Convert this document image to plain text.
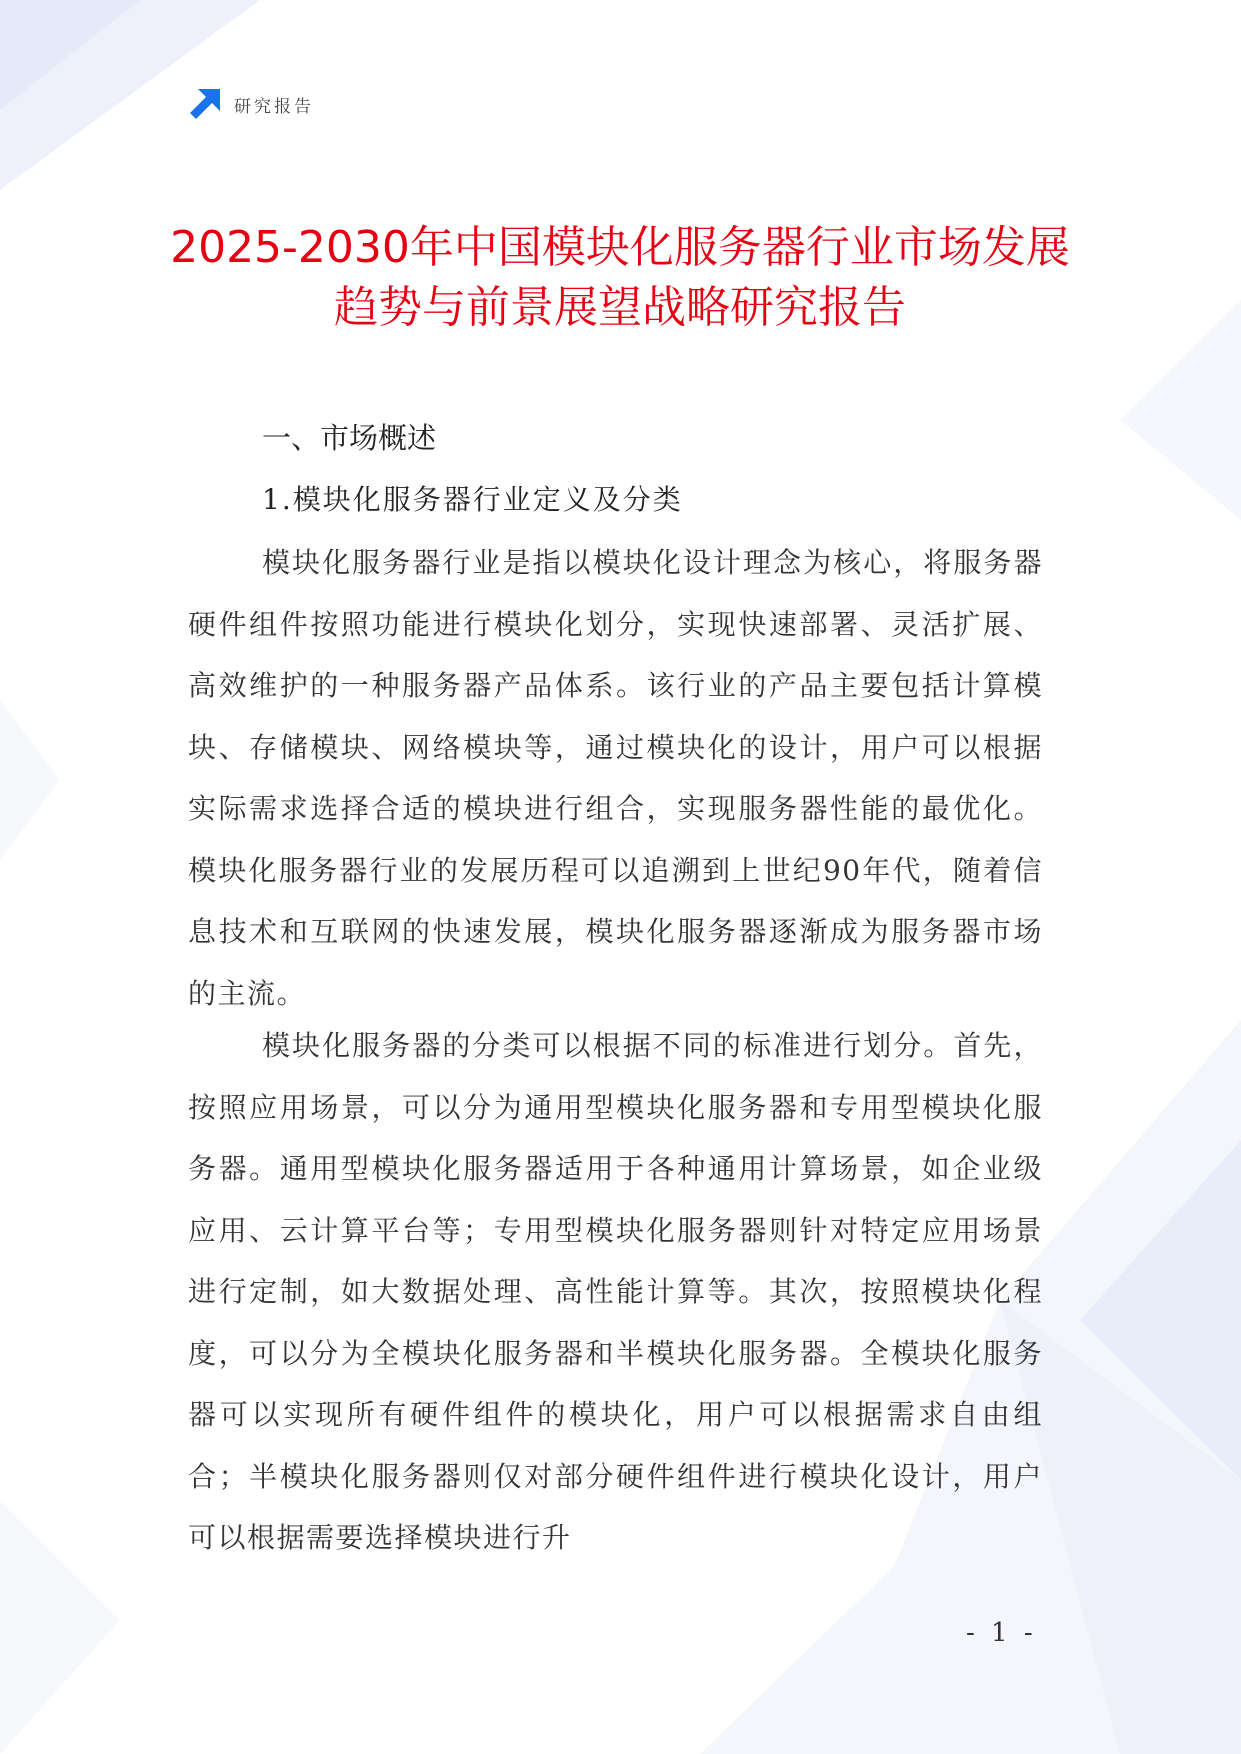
研究报告
2025-2030年中国模块化服务器行业市场发展趋势与前景展望战略研究报告
一、市场概述
1.模块化服务器行业定义及分类

模块化服务器行业是指以模块化设计理念为核心，将服务器硬件组件按照功能进行模块化划分，实现快速部署、灵活扩展、高效维护的一种服务器产品体系。该行业的产品主要包括计算模块、存储模块、网络模块等，通过模块化的设计，用户可以根据实际需求选择合适的模块进行组合，实现服务器性能的最优化。模块化服务器行业的发展历程可以追溯到上世纪90年代，随着信息技术和互联网的快速发展，模块化服务器逐渐成为服务器市场的主流。

模块化服务器的分类可以根据不同的标准进行划分。首先，按照应用场景，可以分为通用型模块化服务器和专用型模块化服务器。通用型模块化服务器适用于各种通用计算场景，如企业级应用、云计算平台等；专用型模块化服务器则针对特定应用场景进行定制，如大数据处理、高性能计算等。其次，按照模块化程度，可以分为全模块化服务器和半模块化服务器。全模块化服务器可以实现所有硬件组件的模块化，用户可以根据需求自由组合；半模块化服务器则仅对部分硬件组件进行模块化设计，用户可以根据需要选择模块进行升

- 1 -
